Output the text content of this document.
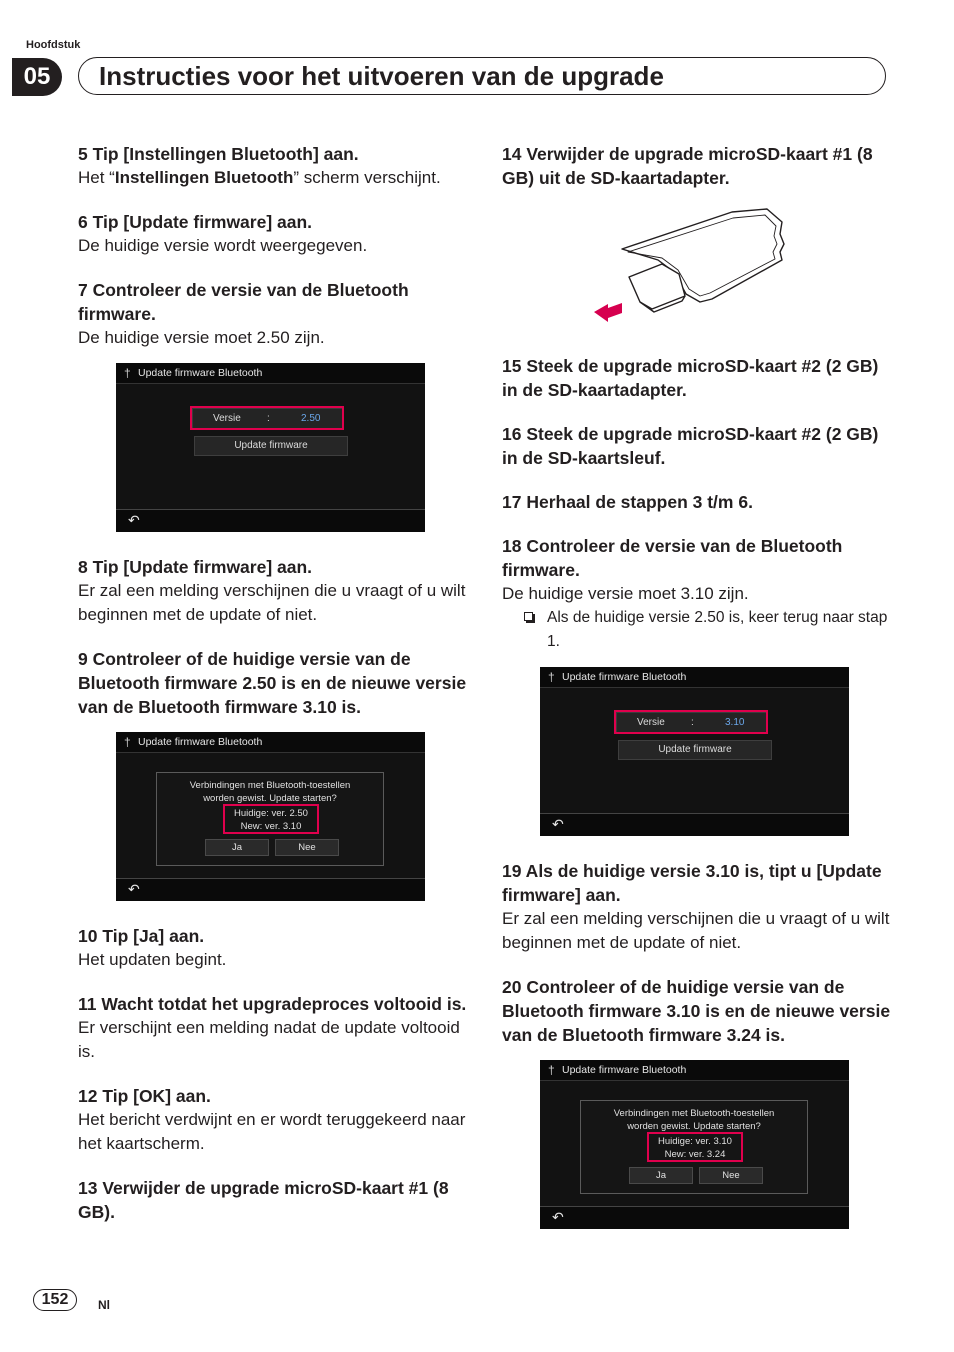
Hoofdstuk
05	Instructies voor het uitvoeren van de upgrade
5 Tip [Instellingen Bluetooth] aan.
Het “Instellingen Bluetooth” scherm verschijnt.
6 Tip [Update firmware] aan.
De huidige versie wordt weergegeven.
7 Controleer de versie van de Bluetooth firmware.
De huidige versie moet 2.50 zijn.
† Update firmware Bluetooth
Versie	:	2.50
Update firmware
↶
8 Tip [Update firmware] aan.
Er zal een melding verschijnen die u vraagt of u wilt beginnen met de update of niet.
9 Controleer of de huidige versie van de Bluetooth firmware 2.50 is en de nieuwe versie van de Bluetooth firmware 3.10 is.
† Update firmware Bluetooth
Verbindingen met Bluetooth-toestellen
worden gewist. Update starten?
Huidige: ver. 2.50
New: ver. 3.10
Ja	Nee
↶
10 Tip [Ja] aan.
Het updaten begint.
11 Wacht totdat het upgradeproces voltooid is.
Er verschijnt een melding nadat de update voltooid is.
12 Tip [OK] aan.
Het bericht verdwijnt en er wordt teruggekeerd naar het kaartscherm.
13 Verwijder de upgrade microSD-kaart #1 (8 GB).
14 Verwijder de upgrade microSD-kaart #1 (8 GB) uit de SD-kaartadapter.
15 Steek de upgrade microSD-kaart #2 (2 GB) in de SD-kaartadapter.
16 Steek de upgrade microSD-kaart #2 (2 GB) in de SD-kaartsleuf.
17 Herhaal de stappen 3 t/m 6.
18 Controleer de versie van de Bluetooth firmware.
De huidige versie moet 3.10 zijn.
Als de huidige versie 2.50 is, keer terug naar stap 1.
† Update firmware Bluetooth
Versie	:	3.10
Update firmware
↶
19 Als de huidige versie 3.10 is, tipt u [Update firmware] aan.
Er zal een melding verschijnen die u vraagt of u wilt beginnen met de update of niet.
20 Controleer of de huidige versie van de Bluetooth firmware 3.10 is en de nieuwe versie van de Bluetooth firmware 3.24 is.
† Update firmware Bluetooth
Verbindingen met Bluetooth-toestellen
worden gewist. Update starten?
Huidige: ver. 3.10
New: ver. 3.24
Ja	Nee
↶
152	Nl
